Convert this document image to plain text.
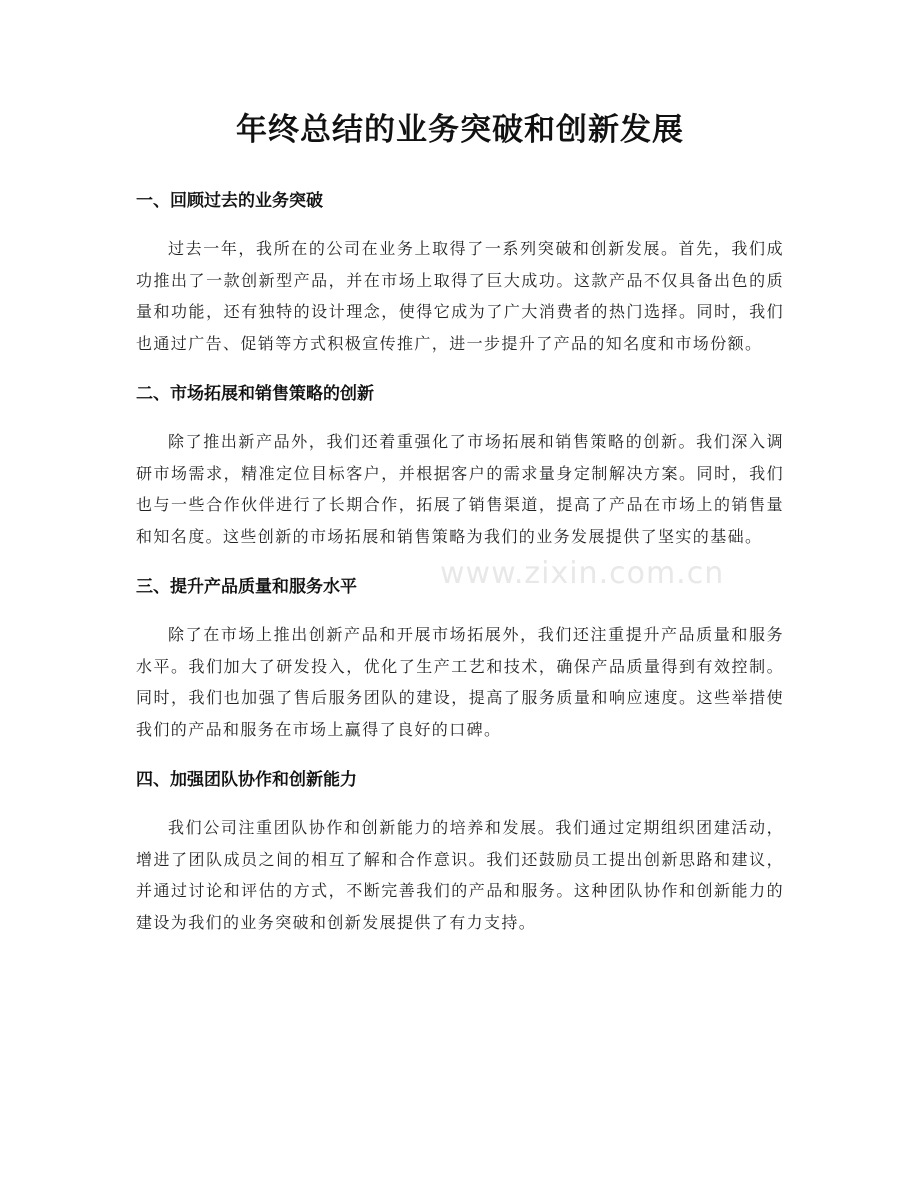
www.zixin.com.cn
年终总结的业务突破和创新发展
一、回顾过去的业务突破

过去一年，我所在的公司在业务上取得了一系列突破和创新发展。首先，我们成功推出了一款创新型产品，并在市场上取得了巨大成功。这款产品不仅具备出色的质量和功能，还有独特的设计理念，使得它成为了广大消费者的热门选择。同时，我们也通过广告、促销等方式积极宣传推广，进一步提升了产品的知名度和市场份额。

二、市场拓展和销售策略的创新

除了推出新产品外，我们还着重强化了市场拓展和销售策略的创新。我们深入调研市场需求，精准定位目标客户，并根据客户的需求量身定制解决方案。同时，我们也与一些合作伙伴进行了长期合作，拓展了销售渠道，提高了产品在市场上的销售量和知名度。这些创新的市场拓展和销售策略为我们的业务发展提供了坚实的基础。

三、提升产品质量和服务水平

除了在市场上推出创新产品和开展市场拓展外，我们还注重提升产品质量和服务水平。我们加大了研发投入，优化了生产工艺和技术，确保产品质量得到有效控制。同时，我们也加强了售后服务团队的建设，提高了服务质量和响应速度。这些举措使我们的产品和服务在市场上赢得了良好的口碑。

四、加强团队协作和创新能力

我们公司注重团队协作和创新能力的培养和发展。我们通过定期组织团建活动，增进了团队成员之间的相互了解和合作意识。我们还鼓励员工提出创新思路和建议，并通过讨论和评估的方式，不断完善我们的产品和服务。这种团队协作和创新能力的建设为我们的业务突破和创新发展提供了有力支持。
